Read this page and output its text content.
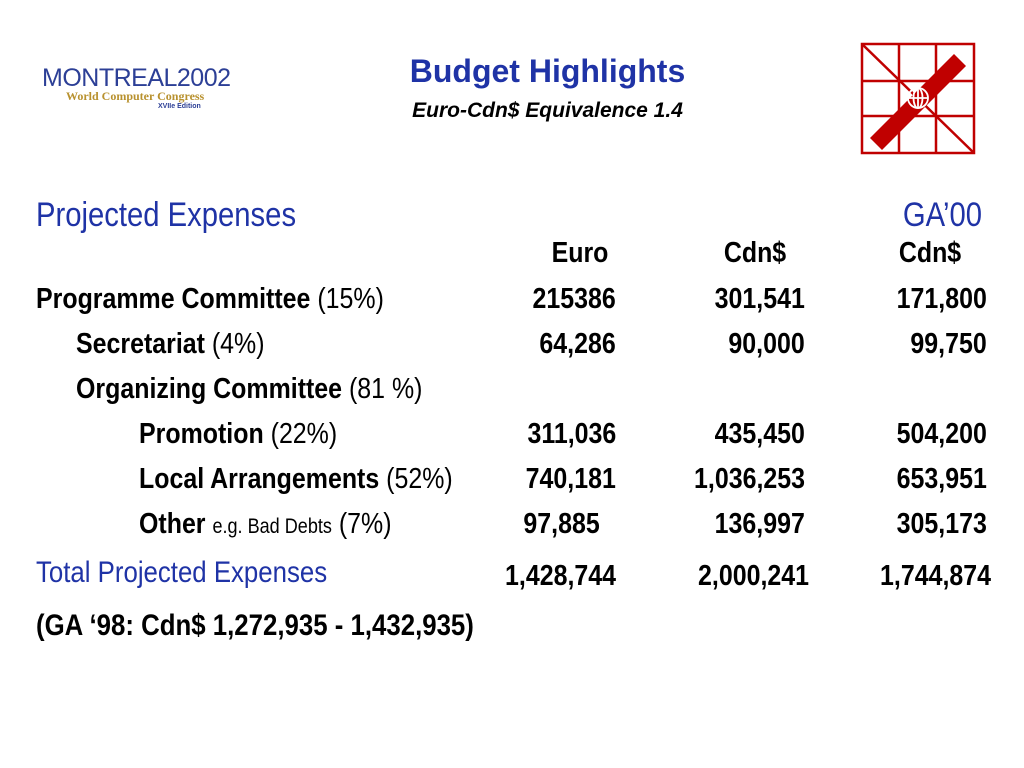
MONTREAL2002
World Computer Congress
XVIIe Edition
Budget Highlights
Euro-Cdn$ Equivalence 1.4
Projected Expenses	GA’00
Euro	Cdn$	Cdn$
Programme Committee (15%)	215386	301,541	171,800
Secretariat (4%)	64,286	90,000	99,750
Organizing Committee (81 %)
Promotion (22%)	311,036	435,450	504,200
Local Arrangements (52%)	740,181	1,036,253	653,951
Other e.g. Bad Debts (7%)	97,885	136,997	305,173
Total Projected Expenses	1,428,744	2,000,241 1,744,874
(GA ‘98: Cdn$ 1,272,935 - 1,432,935)
